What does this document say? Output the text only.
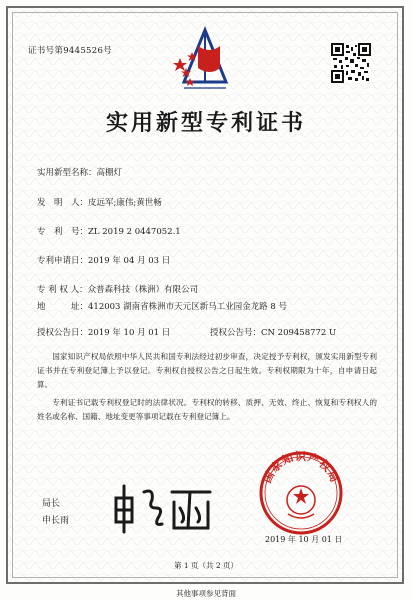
证书号第9445526号
实用新型专利证书
实用新型名称：高棚灯
发　明　人：皮远军;康伟;黄世畅
专　利　号：ZL 2019 2 0447052.1
专利申请日：2019 年 04 月 03 日
专 利 权 人：众普森科技（株洲）有限公司
地　　　址：412003 湖南省株洲市天元区新马工业园金龙路 8 号
授权公告日：2019 年 10 月 01 日	授权公告号：CN 209458772 U
国家知识产权局依照中华人民共和国专利法经过初步审查，决定授予专利权，颁发实用新型专利证书并在专利登记簿上予以登记。专利权自授权公告之日起生效。专利权期限为十年，自申请日起算。
专利证书记载专利权登记时的法律状况。专利权的转移、质押、无效、终止、恢复和专利权人的姓名或名称、国籍、地址变更等事项记载在专利登记簿上。
局长
申长雨
国家知识产权局
2019 年 10 月 01 日
第 1 页（共 2 页）
其他事项参见背面
